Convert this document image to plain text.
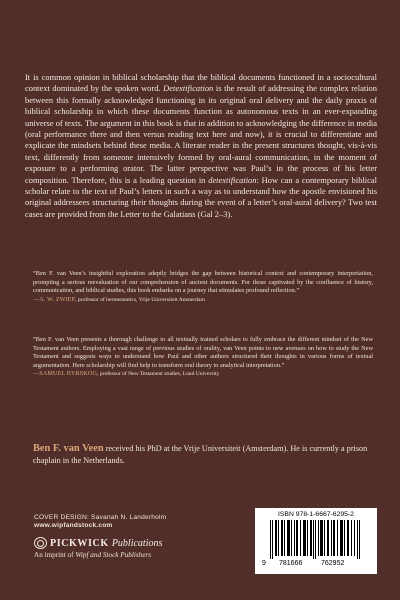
It is common opinion in biblical scholarship that the biblical documents functioned in a sociocultural context dominated by the spoken word. Detextification is the result of addressing the complex relation between this formally acknowledged functioning in its original oral delivery and the daily praxis of biblical scholarship in which these documents function as autonomous texts in an ever-expanding universe of texts. The argument in this book is that in addition to acknowledging the difference in media (oral performance there and then versus reading text here and now), it is crucial to differentiate and explicate the mindsets behind these media. A literate reader in the present structures thought, vis-à-vis text, differently from someone intensively formed by oral-aural communication, in the moment of exposure to a performing orator. The latter perspective was Paul’s in the process of his letter composition. Therefore, this is a leading question in detextification: How can a contemporary biblical scholar relate to the text of Paul’s letters in such a way as to understand how the apostle envisioned his original addressees structuring their thoughts during the event of a letter’s oral-aural delivery? Two test cases are provided from the Letter to the Galatians (Gal 2–3).

“Ben F. van Veen’s insightful exploration adeptly bridges the gap between historical context and contemporary interpretation, prompting a serious reevaluation of our comprehension of ancient documents. For those captivated by the confluence of history, communication, and biblical studies, this book embarks on a journey that stimulates profound reflection.”

—A. W. ZWIEP, professor of hermeneutics, Vrije Universiteit Amsterdam

“Ben F. van Veen presents a thorough challenge to all textually trained scholars to fully embrace the different mindset of the New Testament authors. Employing a vast range of previous studies of orality, van Veen points to new avenues on how to study the New Testament and suggests ways to understand how Paul and other authors structured their thoughts in various forms of textual argumentation. Here scholarship will find help to transform oral theory to analytical interpretation.”

—SAMUEL BYRSKOG, professor of New Testament studies, Lund University

Ben F. van Veen received his PhD at the Vrije Universiteit (Amsterdam). He is currently a prison chaplain in the Netherlands.

COVER DESIGN: Savanah N. Landerholm
www.wipfandstock.com
PICKWICK Publications
An imprint of Wipf and Stock Publishers
ISBN 978-1-6667-6295-2
9 781666	762952
